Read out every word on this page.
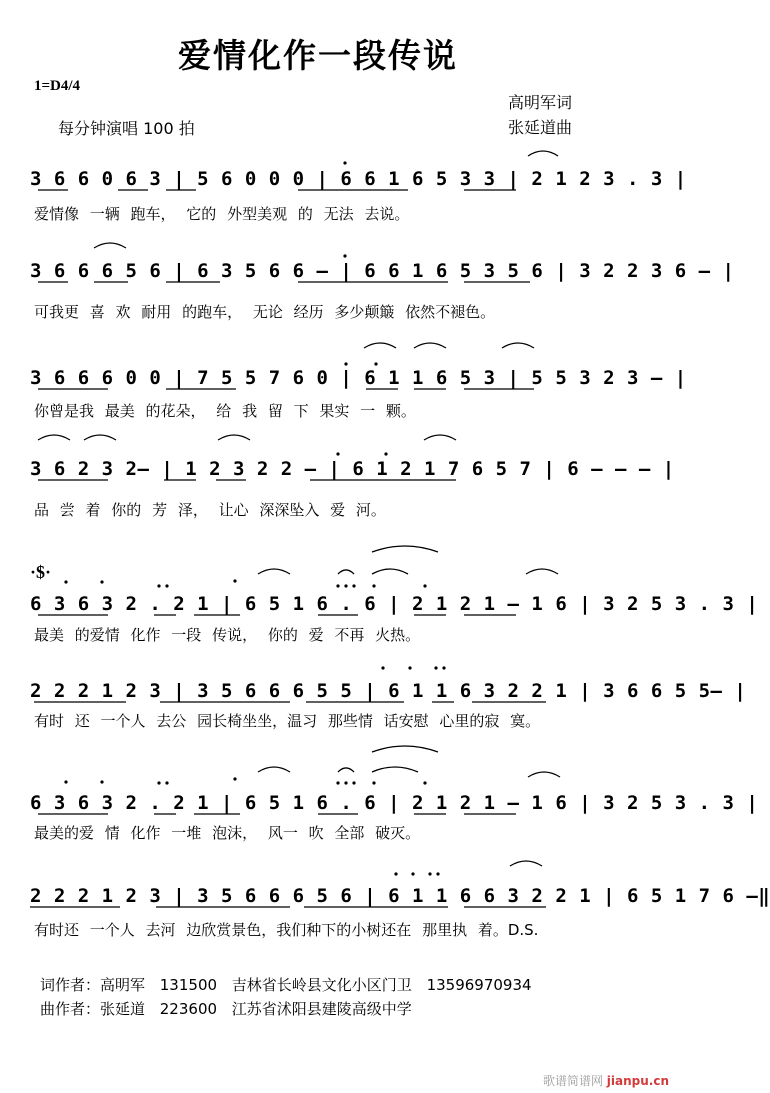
爱情化作一段传说
1=D4/4
每分钟演唱 100 拍
高明军词
张延道曲
3 6 6 0 6 3 | 5 6 0 0 0 | 6 6 1 6 5 3 3 | 2 1 2 3 . 3 |
爱情像 一辆 跑车， 它的 外型美观 的 无法 去说。
3 6 6 6 5 6 | 6 3 5 6 6 — | 6 6 1 6 5 3 5 6 | 3 2 2 3 6 — |
可我更 喜 欢 耐用 的跑车， 无论 经历 多少颠簸 依然不褪色。
3 6 6 6 0 0 | 7 5 5 7 6 0 | 6 1 1 6 5 3 | 5 5 3 2 3 — |
你曾是我 最美 的花朵， 给 我 留 下 果实 一 颗。
3 6 2 3 2— | 1 2 3 2 2 — | 6 1 2 1 7 6 5 7 | 6 — — — |
品 尝 着 你的 芳 泽， 让心 深深坠入 爱 河。
·$·
6 3 6 3 2 . 2 1 | 6 5 1 6 . 6 | 2 1 2 1 — 1 6 | 3 2 5 3 . 3 |
最美 的爱情 化作 一段 传说， 你的 爱 不再 火热。
2 2 2 1 2 3 | 3 5 6 6 6 5 5 | 6 1 1 6 3 2 2 1 | 3 6 6 5 5— |
有时 还 一个人 去公 园长椅坐坐，温习 那些情 话安慰 心里的寂 寞。
6 3 6 3 2 . 2 1 | 6 5 1 6 . 6 | 2 1 2 1 — 1 6 | 3 2 5 3 . 3 |
最美的爱 情 化作 一堆 泡沫， 风一 吹 全部 破灭。
2 2 2 1 2 3 | 3 5 6 6 6 5 6 | 6 1 1 6 6 3 2 2 1 | 6 5 1 7 6 —‖
有时还 一个人 去河 边欣赏景色，我们种下的小树还在 那里执 着。D.S.
词作者：高明军 131500 吉林省长岭县文化小区门卫 13596970934
曲作者：张延道 223600 江苏省沭阳县建陵高级中学
歌谱简谱网 jianpu.cn
